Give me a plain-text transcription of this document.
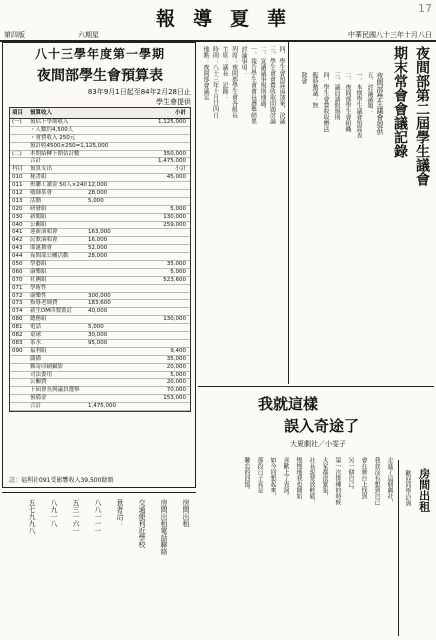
17
報 導 夏 華
第四版	六期星	中華民國八十三年十月八日
八十三學年度第一學期
夜間部學生會預算表
83年9月1日起至84年2月28日止
學生會提供
項目 預算收入	小計
(一) 預估下學期收入	1,125,000
・人數約4,500人
・會費收入 250元
預計收4500×250=1,125,000
(二) 本期結轉下期估計數	350,000
合計	1,475,000
科目 預算支出	小計
010 秘書組	45,000
011 班聯工讀金 50人×240 12,000
012 敬師茶會	28,000
013 活動	5,000
020 研發組	5,000
030 新聞組	130,000
040 公關組	259,000
041 迎新演唱會	163,000
042 民歌演唱會	16,000
043 耶誕舞會	52,000
044 夜間部公關活動	28,000
050 學藝組	35,000
060 康樂組	5,000
070 社團組	523,600
071 學術性
072 康樂性	300,000
073 指導老師費	183,600
074 新生DM印製裝訂	40,000
080 總務組	130,000
081 電話	5,000
082 桌球	30,000
083 茶水	95,000
090 福利組	9,400
儲備	35,000
郵寄印刷攝影	20,000
司法委用	5,000
公關費	20,000
下屆會長與議員選舉	70,000
預備金	153,000
合計	1,475,000
註：福利社091受影響收入39,500餘額
房間出租
房間出租電話聯絡
交通便利近學校
意者洽：
八八一一一
五三一六一
八九一八
五七九九八
四、學生會預算追加案，決議
三、學生會會費收取問題討論
二、宣讀議事規則通過。
一、報告學生會會長選舉結果
討論事項：
列席：夜間部學生會各組長
主席：議長　記錄：
時間：八十三年十月廿四日
地點：夜間部會議室	夜間部第二屆學生議會
期末常會會議記錄
夜間部學生議會提供
五、討論議題：
一、本期學生議會預算表
二、夜間部學生會組織
三、議員請假規則
四、學生會費收取辦法
臨時動議：無
散會
我就這樣
誤入奇途了
大夏劇社／小雯子
走進了這個劇社，
我並沒有想到自己
會在舞台上找到
另一個自己。
第一次排練的時候
大家都很緊張，
社長說要放輕鬆，
慢慢地我也開始
喜歡上了表演。
如今回想起來，
那段日子真是
難忘的回憶。	房間出租
歡迎同學洽詢
